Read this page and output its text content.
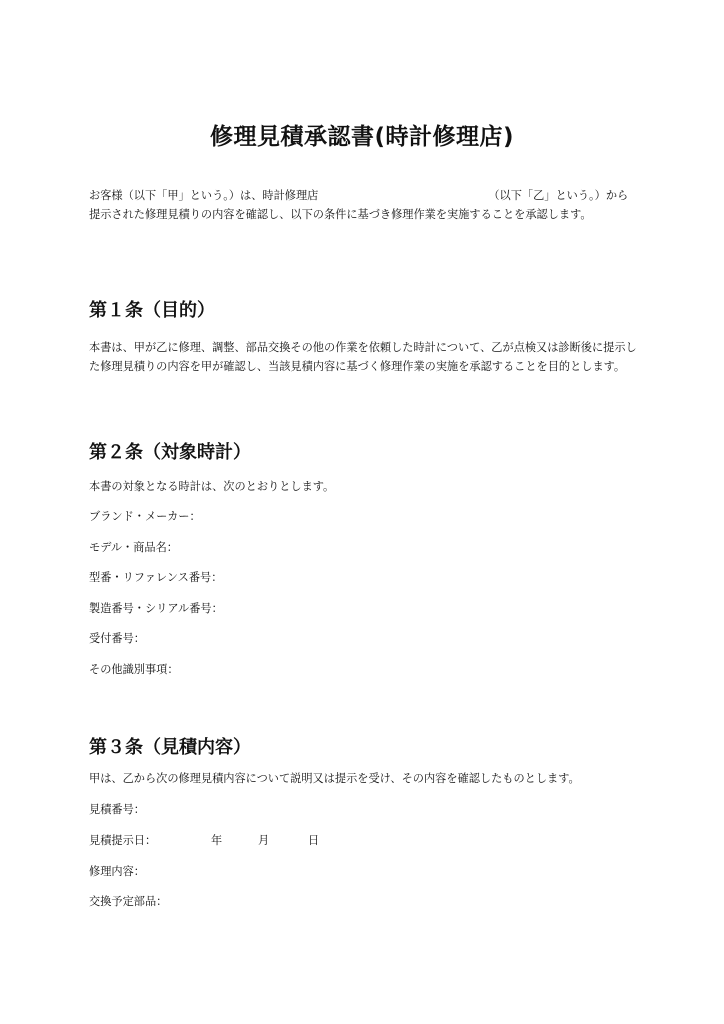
修理見積承認書(時計修理店)

お客様（以下「甲」という。）は、時計修理店	（以下「乙」という。）から提示された修理見積りの内容を確認し、以下の条件に基づき修理作業を実施することを承認します。

第１条（目的）

本書は、甲が乙に修理、調整、部品交換その他の作業を依頼した時計について、乙が点検又は診断後に提示した修理見積りの内容を甲が確認し、当該見積内容に基づく修理作業の実施を承認することを目的とします。

第２条（対象時計）

本書の対象となる時計は、次のとおりとします。

ブランド・メーカー：

モデル・商品名：

型番・リファレンス番号：

製造番号・シリアル番号：

受付番号：

その他識別事項：

第３条（見積内容）

甲は、乙から次の修理見積内容について説明又は提示を受け、その内容を確認したものとします。

見積番号：

見積提示日：	年	月	日

修理内容：

交換予定部品：
